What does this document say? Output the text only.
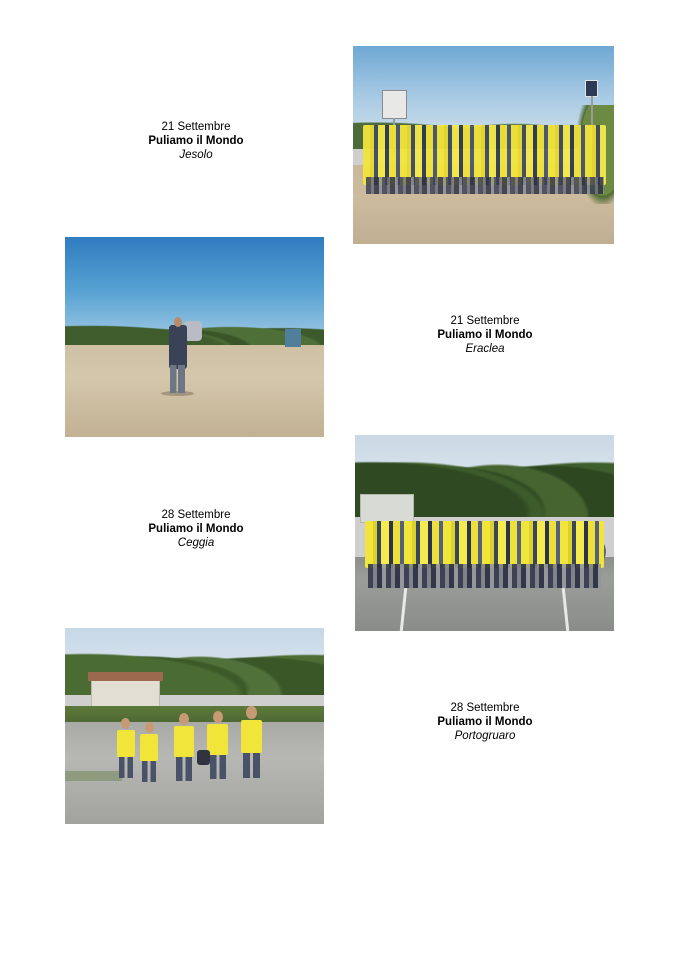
21 Settembre
Puliamo il Mondo
Jesolo
21 Settembre
Puliamo il Mondo
Eraclea
28 Settembre
Puliamo il Mondo
Ceggia
28 Settembre
Puliamo il Mondo
Portogruaro
